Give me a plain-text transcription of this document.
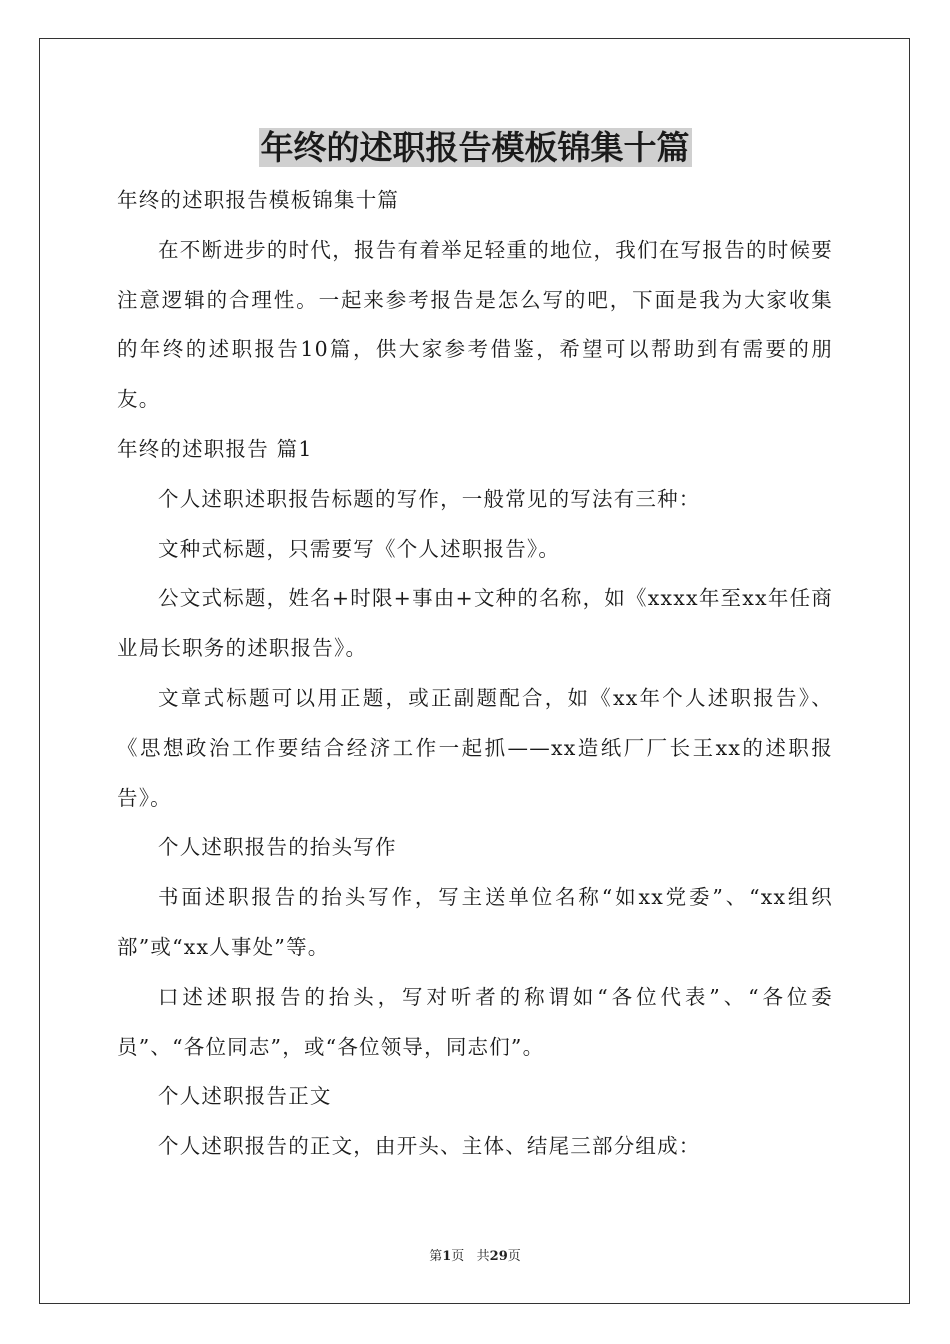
年终的述职报告模板锦集十篇

年终的述职报告模板锦集十篇

在不断进步的时代，报告有着举足轻重的地位，我们在写报告的时候要注意逻辑的合理性。一起来参考报告是怎么写的吧，下面是我为大家收集的年终的述职报告10篇，供大家参考借鉴，希望可以帮助到有需要的朋友。

年终的述职报告 篇1

个人述职述职报告标题的写作，一般常见的写法有三种：

文种式标题，只需要写《个人述职报告》。

公文式标题，姓名+时限+事由+文种的名称，如《xxxx年至xx年任商业局长职务的述职报告》。

文章式标题可以用正题，或正副题配合，如《xx年个人述职报告》、《思想政治工作要结合经济工作一起抓——xx造纸厂厂长王xx的述职报告》。

个人述职报告的抬头写作

书面述职报告的抬头写作，写主送单位名称“如xx党委”、“xx组织部”或“xx人事处”等。

口述述职报告的抬头，写对听者的称谓如“各位代表”、“各位委员”、“各位同志”，或“各位领导，同志们”。

个人述职报告正文

个人述职报告的正文，由开头、主体、结尾三部分组成：

第1页   共29页
